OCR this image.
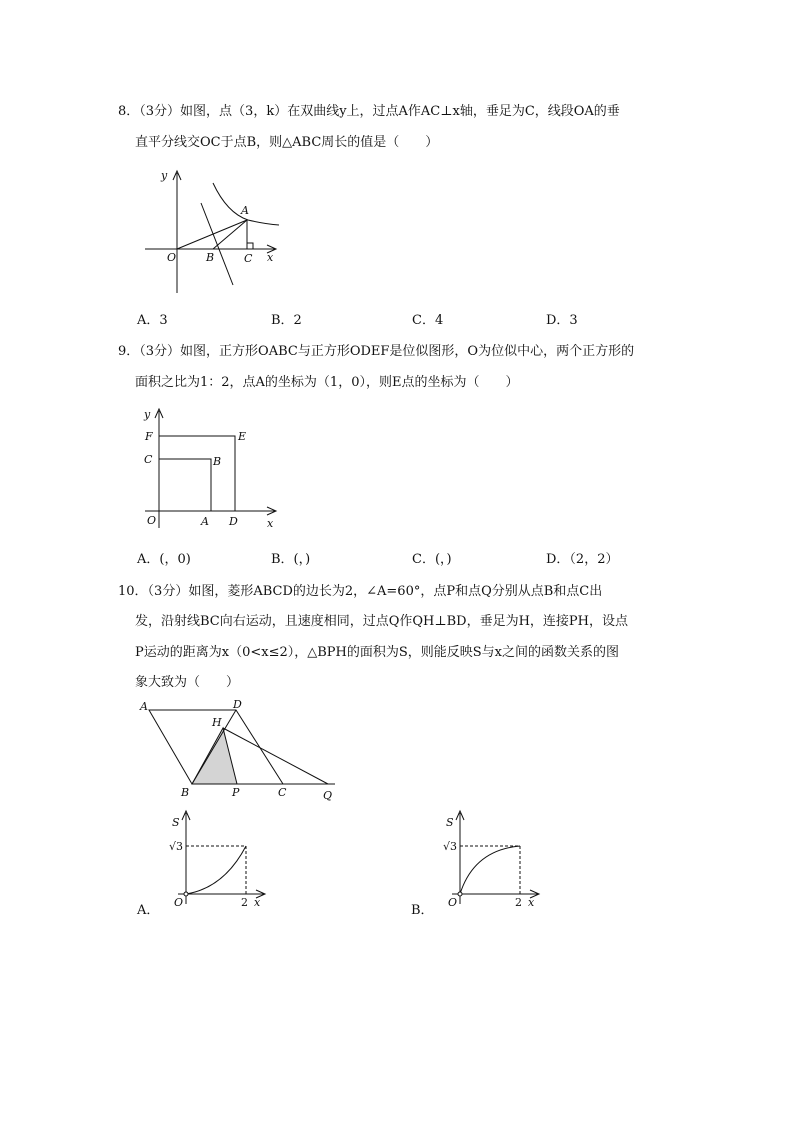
8．（3分）如图，点（3，k）在双曲线y上，过点A作AC⊥x轴，垂足为C，线段OA的垂
直平分线交OC于点B，则△ABC周长的值是（　　）
y
O
A
B	C x
A．3	B．2	C．4	D．3
9．（3分）如图，正方形OABC与正方形ODEF是位似图形，O为位似中心，两个正方形的
面积之比为1：2，点A的坐标为（1，0），则E点的坐标为（　　）
y
F	E
C	B
O	A D	x
A．(，0)	B．(，)	C．(，)	D．（2，2）
10．（3分）如图，菱形ABCD的边长为2，∠A=60°，点P和点Q分别从点B和点C出
发，沿射线BC向右运动，且速度相同，过点Q作QH⊥BD，垂足为H，连接PH，设点
P运动的距离为x（0<x≤2），△BPH的面积为S，则能反映S与x之间的函数关系的图
象大致为（　　）
A	D
H
B	P	C	Q
A．
S
√3
O	2 x
B．
S
√3
O	2 x
